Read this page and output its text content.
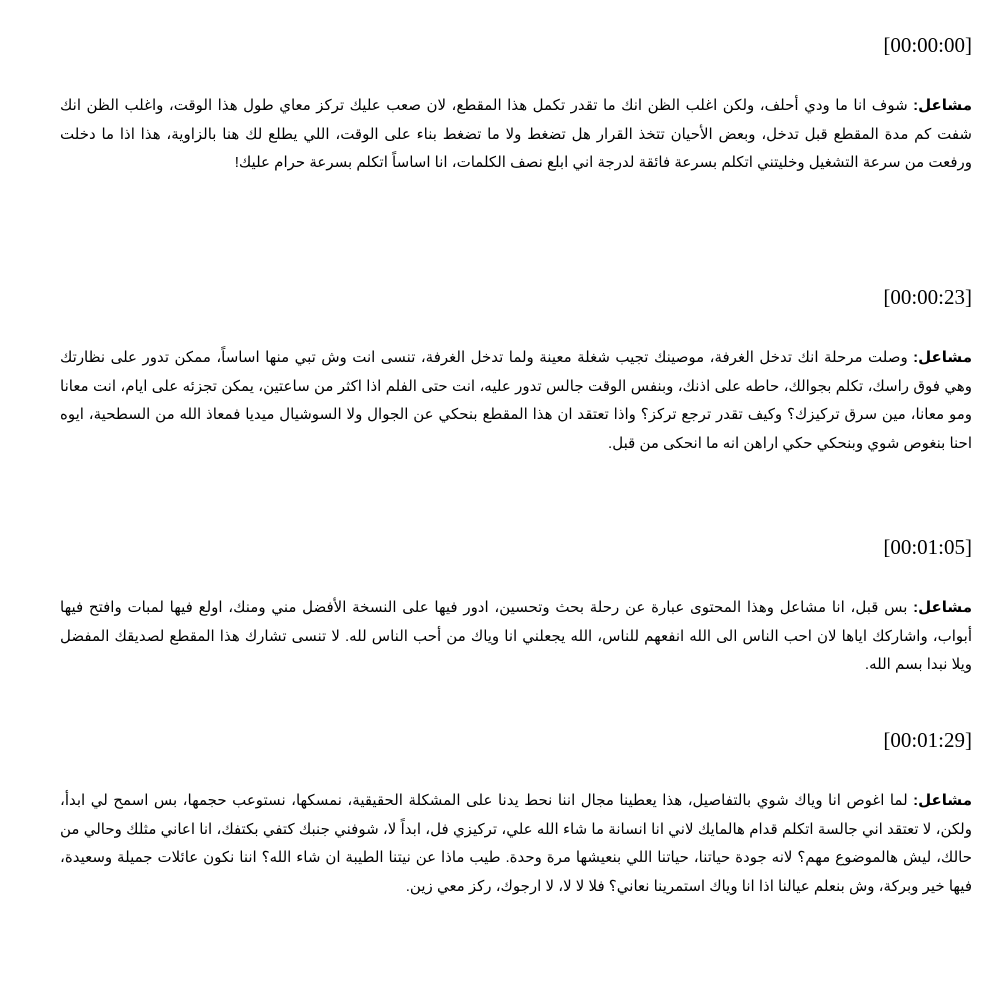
[00:00:00]

مشاعل: شوف انا ما ودي أحلف، ولكن اغلب الظن انك ما تقدر تكمل هذا المقطع، لان صعب عليك تركز معاي طول هذا الوقت، واغلب الظن انك شفت كم مدة المقطع قبل تدخل، وبعض الأحيان تتخذ القرار هل تضغط ولا ما تضغط بناء على الوقت، اللي يطلع لك هنا بالزاوية، هذا اذا ما دخلت ورفعت من سرعة التشغيل وخليتني اتكلم بسرعة فائقة لدرجة اني ابلع نصف الكلمات، انا اساساً اتكلم بسرعة حرام عليك!

[00:00:23]

مشاعل: وصلت مرحلة انك تدخل الغرفة، موصينك تجيب شغلة معينة ولما تدخل الغرفة، تنسى انت وش تبي منها اساساً، ممكن تدور على نظارتك وهي فوق راسك، تكلم بجوالك، حاطه على اذنك، وبنفس الوقت جالس تدور عليه، انت حتى الفلم اذا اكثر من ساعتين، يمكن تجزئه على ايام، انت معانا ومو معانا، مين سرق تركيزك؟ وكيف تقدر ترجع تركز؟ واذا تعتقد ان هذا المقطع بنحكي عن الجوال ولا السوشيال ميديا فمعاذ الله من السطحية، ايوه احنا بنغوص شوي وبنحكي حكي اراهن انه ما انحكى من قبل.

[00:01:05]

مشاعل: بس قبل، انا مشاعل وهذا المحتوى عبارة عن رحلة بحث وتحسين، ادور فيها على النسخة الأفضل مني ومنك، اولع فيها لمبات وافتح فيها أبواب، واشاركك اياها لان احب الناس الى الله انفعهم للناس، الله يجعلني انا وياك من أحب الناس لله. لا تنسى تشارك هذا المقطع لصديقك المفضل ويلا نبدا بسم الله.

[00:01:29]

مشاعل: لما اغوص انا وياك شوي بالتفاصيل، هذا يعطينا مجال اننا نحط يدنا على المشكلة الحقيقية، نمسكها، نستوعب حجمها، بس اسمح لي ابدأ، ولكن، لا تعتقد اني جالسة اتكلم قدام هالمايك لاني انا انسانة ما شاء الله علي، تركيزي فل، ابداً لا، شوفني جنبك كتفي بكتفك، انا اعاني مثلك وحالي من حالك، ليش هالموضوع مهم؟ لانه جودة حياتنا، حياتنا اللي بنعيشها مرة وحدة. طيب ماذا عن نيتنا الطيبة ان شاء الله؟ اننا نكون عائلات جميلة وسعيدة، فيها خير وبركة، وش بنعلم عيالنا اذا انا وياك استمرينا نعاني؟ فلا لا لا، لا ارجوك، ركز معي زين.
